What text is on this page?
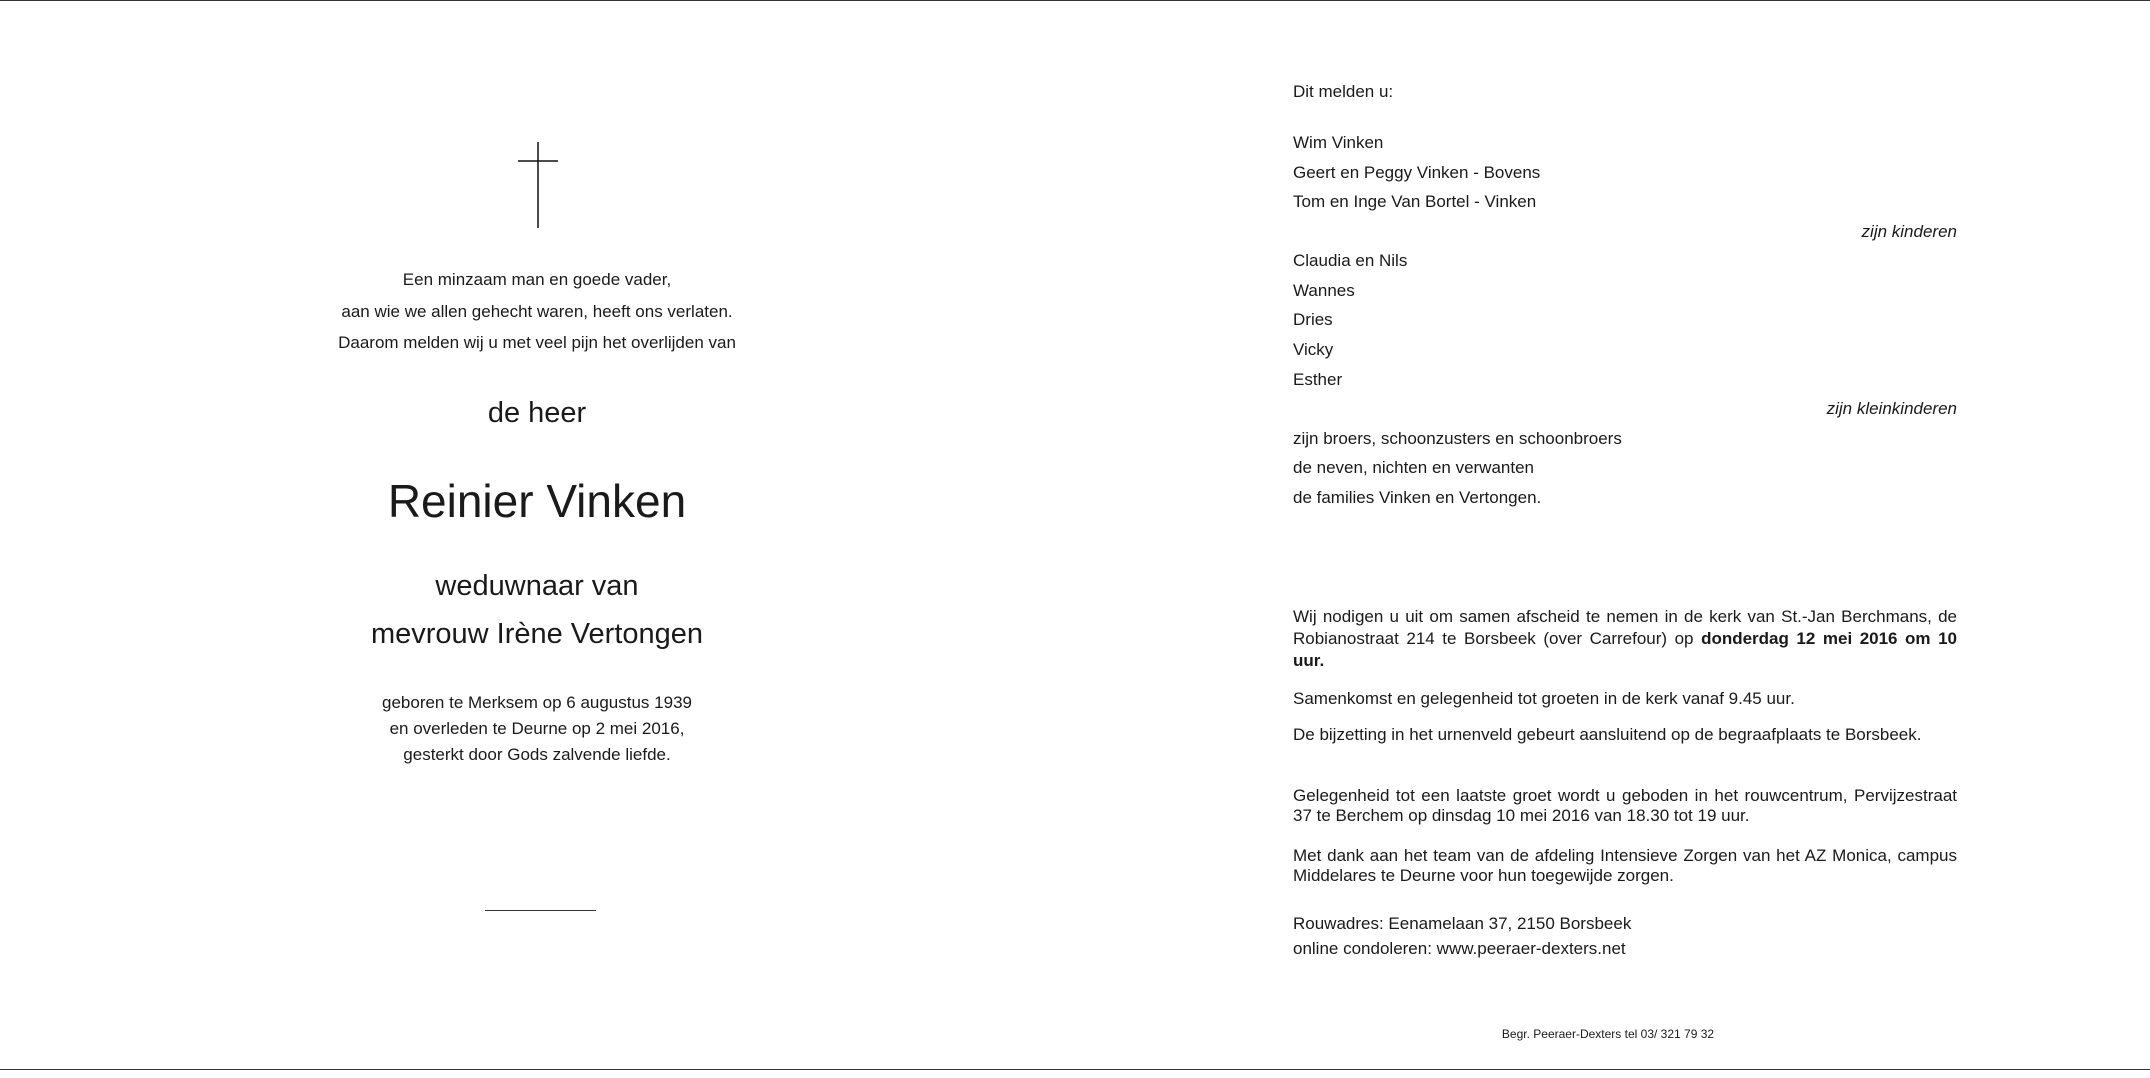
Een minzaam man en goede vader,
aan wie we allen gehecht waren, heeft ons verlaten.
Daarom melden wij u met veel pijn het overlijden van
de heer
Reinier Vinken
weduwnaar van
mevrouw Irène Vertongen
geboren te Merksem op 6 augustus 1939
en overleden te Deurne op 2 mei 2016,
gesterkt door Gods zalvende liefde.
Dit melden u:
Wim Vinken
Geert en Peggy Vinken - Bovens
Tom en Inge Van Bortel - Vinken
zijn kinderen
Claudia en Nils
Wannes
Dries
Vicky
Esther
zijn kleinkinderen
zijn broers, schoonzusters en schoonbroers
de neven, nichten en verwanten
de families Vinken en Vertongen.
Wij nodigen u uit om samen afscheid te nemen in de kerk van St.-Jan Berchmans, de Robianostraat 214 te Borsbeek (over Carrefour) op donderdag 12 mei 2016 om 10 uur.
Samenkomst en gelegenheid tot groeten in de kerk vanaf 9.45 uur.
De bijzetting in het urnenveld gebeurt aansluitend op de begraafplaats te Borsbeek.
Gelegenheid tot een laatste groet wordt u geboden in het rouwcentrum, Pervijzestraat 37 te Berchem op dinsdag 10 mei 2016 van 18.30 tot 19 uur.
Met dank aan het team van de afdeling Intensieve Zorgen van het AZ Monica, campus Middelares te Deurne voor hun toegewijde zorgen.
Rouwadres: Eenamelaan 37, 2150 Borsbeek
online condoleren: www.peeraer-dexters.net
Begr. Peeraer-Dexters tel 03/ 321 79 32
